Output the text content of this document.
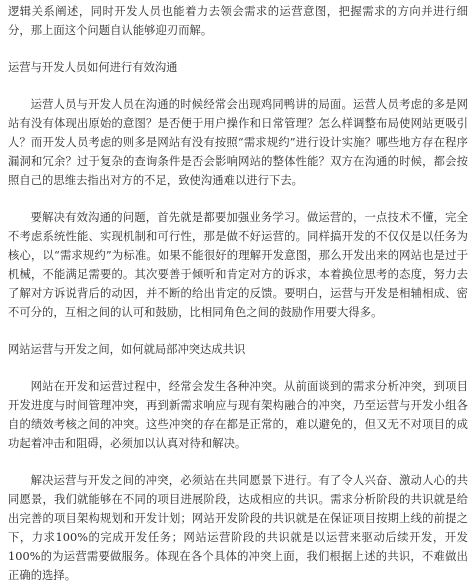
逻辑关系阐述，同时开发人员也能着力去领会需求的运营意图，把握需求的方向并进行细分，那上面这个问题自认能够迎刃而解。

运营与开发人员如何进行有效沟通

运营人员与开发人员在沟通的时候经常会出现鸡同鸭讲的局面。运营人员考虑的多是网站有没有体现出原始的意图？是否便于用户操作和日常管理？怎么样调整布局使网站更吸引人？而开发人员考虑的则多是网站有没有按照“需求规约”进行设计实施？哪些地方存在程序漏洞和冗余？过于复杂的查询条件是否会影响网站的整体性能？双方在沟通的时候，都会按照自己的思维去指出对方的不足，致使沟通难以进行下去。

要解决有效沟通的问题，首先就是都要加强业务学习。做运营的，一点技术不懂，完全不考虑系统性能、实现机制和可行性，那是做不好运营的。同样搞开发的不仅仅是以任务为核心，以“需求规约”为标准。如果不能很好的理解开发意图，那么开发出来的网站也是过于机械，不能满足需要的。其次要善于倾听和肯定对方的诉求，本着换位思考的态度，努力去了解对方诉说背后的动因，并不断的给出肯定的反馈。要明白，运营与开发是相辅相成、密不可分的，互相之间的认可和鼓励，比相同角色之间的鼓励作用要大得多。

网站运营与开发之间，如何就局部冲突达成共识

网站在开发和运营过程中，经常会发生各种冲突。从前面谈到的需求分析冲突，到项目开发进度与时间管理冲突，再到新需求响应与现有架构融合的冲突，乃至运营与开发小组各自的绩效考核之间的冲突。这些冲突的存在都是正常的，难以避免的，但又无不对项目的成功起着冲击和阻碍，必须加以认真对待和解决。

解决运营与开发之间的冲突，必须站在共同愿景下进行。有了令人兴奋、激动人心的共同愿景，我们就能够在不同的项目进展阶段，达成相应的共识。需求分析阶段的共识就是给出完善的项目架构规划和开发计划；网站开发阶段的共识就是在保证项目按期上线的前提之下，力求100%的完成开发任务；网站运营阶段的共识就是以运营来驱动后续开发，开发100%的为运营需要做服务。体现在各个具体的冲突上面，我们根据上述的共识，不难做出正确的选择。
